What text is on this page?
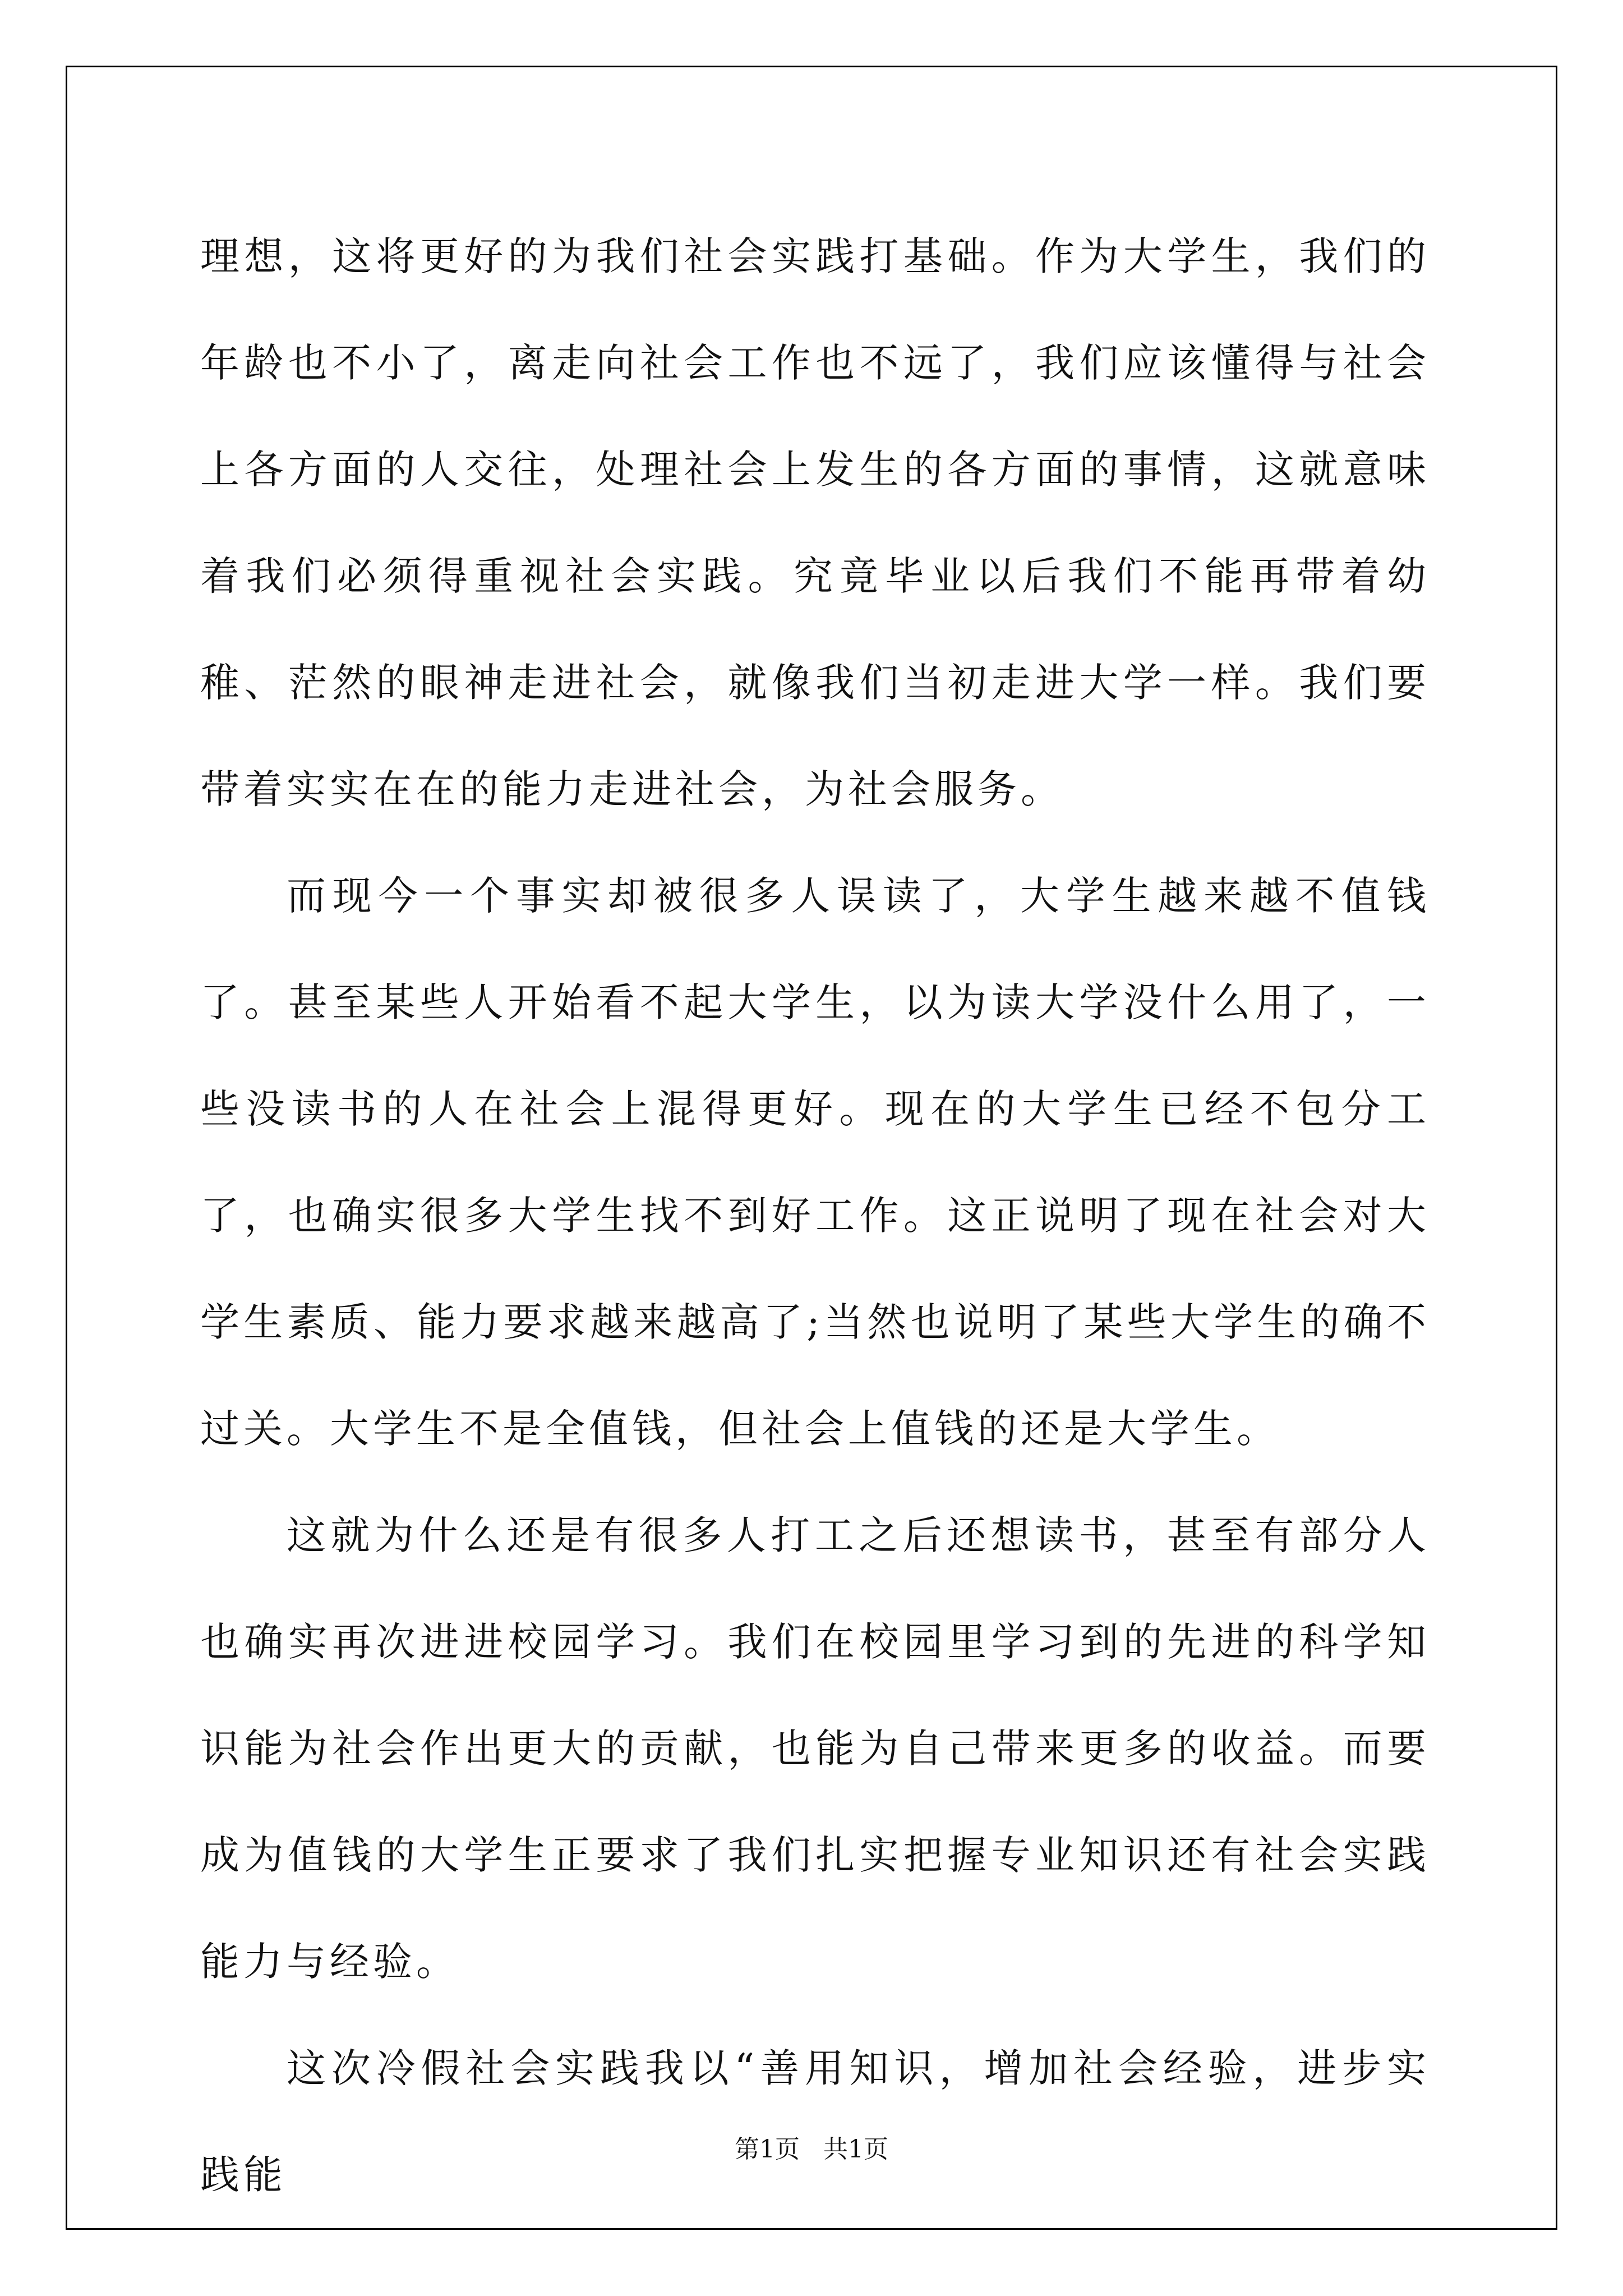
理想，这将更好的为我们社会实践打基础。作为大学生，我们的年龄也不小了，离走向社会工作也不远了，我们应该懂得与社会上各方面的人交往，处理社会上发生的各方面的事情，这就意味着我们必须得重视社会实践。究竟毕业以后我们不能再带着幼稚、茫然的眼神走进社会，就像我们当初走进大学一样。我们要带着实实在在的能力走进社会，为社会服务。

而现今一个事实却被很多人误读了，大学生越来越不值钱了。甚至某些人开始看不起大学生，以为读大学没什么用了，一些没读书的人在社会上混得更好。现在的大学生已经不包分工了，也确实很多大学生找不到好工作。这正说明了现在社会对大学生素质、能力要求越来越高了;当然也说明了某些大学生的确不过关。大学生不是全值钱，但社会上值钱的还是大学生。

这就为什么还是有很多人打工之后还想读书，甚至有部分人也确实再次进进校园学习。我们在校园里学习到的先进的科学知识能为社会作出更大的贡献，也能为自己带来更多的收益。而要成为值钱的大学生正要求了我们扎实把握专业知识还有社会实践能力与经验。

这次冷假社会实践我以“善用知识，增加社会经验，进步实践能

第1页   共1页
